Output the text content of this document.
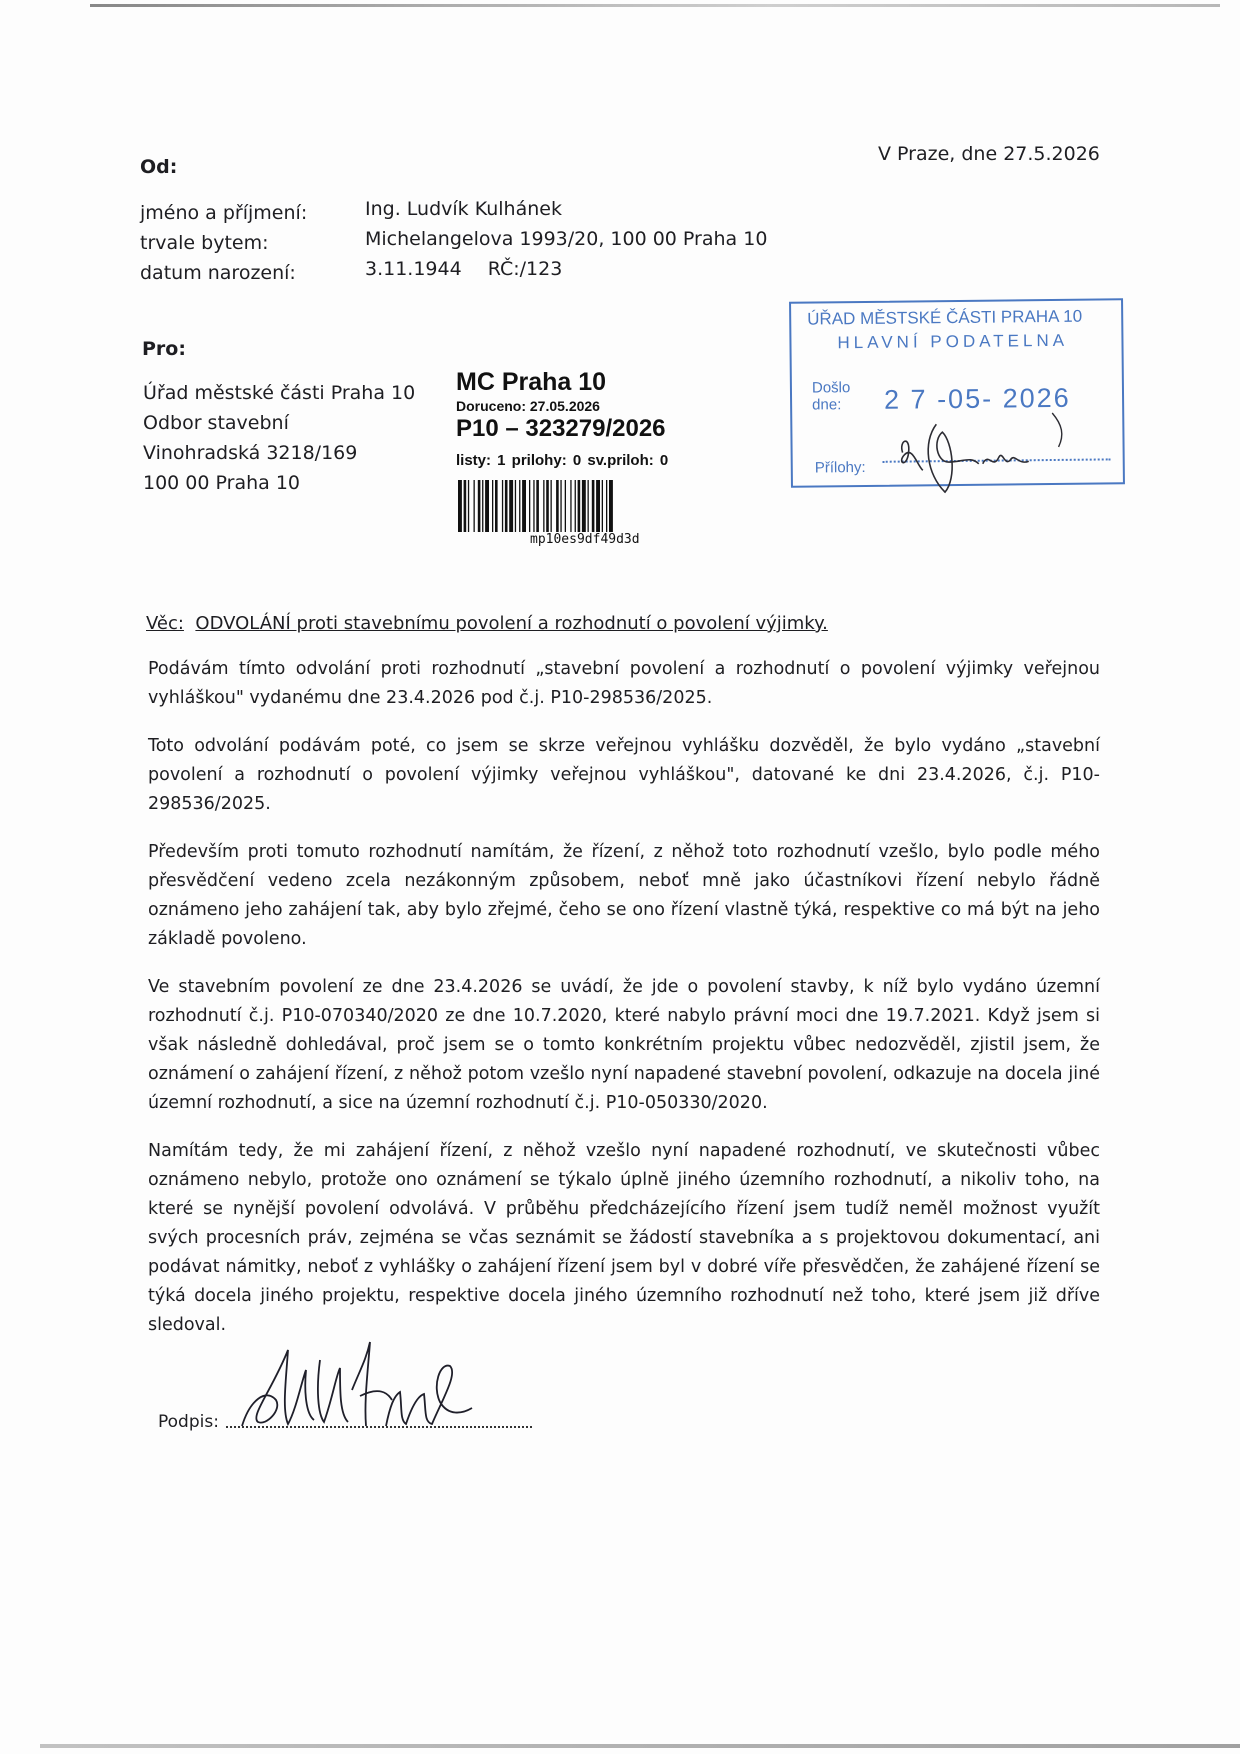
Od:
V Praze, dne 27.5.2026
jméno a příjmení:
trvale bytem:
datum narození:
Ing. Ludvík Kulhánek
Michelangelova 1993/20, 100 00 Praha 10
3.11.1944 RČ:/123
Pro:
Úřad městské části Praha 10
Odbor stavební
Vinohradská 3218/169
100 00 Praha 10
MC Praha 10
Doruceno: 27.05.2026
P10 – 323279/2026
listy: 1 prilohy: 0 sv.priloh: 0
mp10es9df49d3d
ÚŘAD MĚSTSKÉ ČÁSTI PRAHA 10
HLAVNÍ PODATELNA
Došlo dne:	2 7 -05- 2026
Přílohy:
Věc: ODVOLÁNÍ proti stavebnímu povolení a rozhodnutí o povolení výjimky.

Podávám tímto odvolání proti rozhodnutí „stavební povolení a rozhodnutí o povolení výjimky veřejnou vyhláškou" vydanému dne 23.4.2026 pod č.j. P10-298536/2025.

Toto odvolání podávám poté, co jsem se skrze veřejnou vyhlášku dozvěděl, že bylo vydáno „stavební povolení a rozhodnutí o povolení výjimky veřejnou vyhláškou", datované ke dni 23.4.2026, č.j. P10-298536/2025.

Především proti tomuto rozhodnutí namítám, že řízení, z něhož toto rozhodnutí vzešlo, bylo podle mého přesvědčení vedeno zcela nezákonným způsobem, neboť mně jako účastníkovi řízení nebylo řádně oznámeno jeho zahájení tak, aby bylo zřejmé, čeho se ono řízení vlastně týká, respektive co má být na jeho základě povoleno.

Ve stavebním povolení ze dne 23.4.2026 se uvádí, že jde o povolení stavby, k níž bylo vydáno územní rozhodnutí č.j. P10-070340/2020 ze dne 10.7.2020, které nabylo právní moci dne 19.7.2021. Když jsem si však následně dohledával, proč jsem se o tomto konkrétním projektu vůbec nedozvěděl, zjistil jsem, že oznámení o zahájení řízení, z něhož potom vzešlo nyní napadené stavební povolení, odkazuje na docela jiné územní rozhodnutí, a sice na územní rozhodnutí č.j. P10-050330/2020.

Namítám tedy, že mi zahájení řízení, z něhož vzešlo nyní napadené rozhodnutí, ve skutečnosti vůbec oznámeno nebylo, protože ono oznámení se týkalo úplně jiného územního rozhodnutí, a nikoliv toho, na které se nynější povolení odvolává. V průběhu předcházejícího řízení jsem tudíž neměl možnost využít svých procesních práv, zejména se včas seznámit se žádostí stavebníka a s projektovou dokumentací, ani podávat námitky, neboť z vyhlášky o zahájení řízení jsem byl v dobré víře přesvědčen, že zahájené řízení se týká docela jiného projektu, respektive docela jiného územního rozhodnutí než toho, které jsem již dříve sledoval.

Podpis:
